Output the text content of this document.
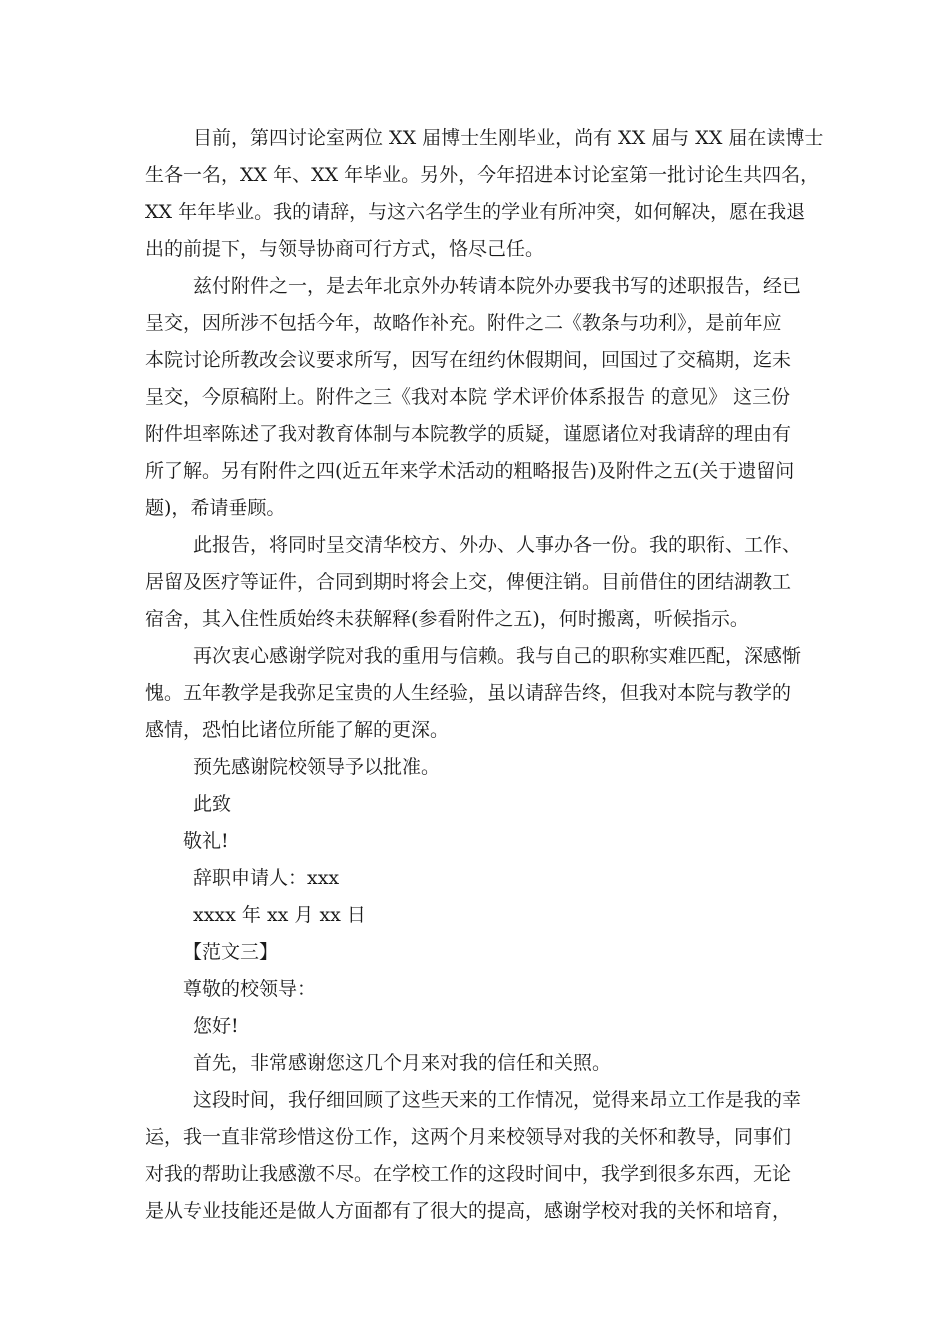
目前，第四讨论室两位 XX 届博士生刚毕业，尚有 XX 届与 XX 届在读博士
生各一名，XX 年、XX 年毕业。另外，今年招进本讨论室第一批讨论生共四名，
XX 年年毕业。我的请辞，与这六名学生的学业有所冲突，如何解决，愿在我退
出的前提下，与领导协商可行方式，恪尽己任。

兹付附件之一，是去年北京外办转请本院外办要我书写的述职报告，经已
呈交，因所涉不包括今年，故略作补充。附件之二《教条与功利》，是前年应
本院讨论所教改会议要求所写，因写在纽约休假期间，回国过了交稿期，迄未
呈交，今原稿附上。附件之三《我对本院 学术评价体系报告 的意见》 这三份
附件坦率陈述了我对教育体制与本院教学的质疑，谨愿诸位对我请辞的理由有
所了解。另有附件之四(近五年来学术活动的粗略报告)及附件之五(关于遗留问
题)，希请垂顾。

此报告，将同时呈交清华校方、外办、人事办各一份。我的职衔、工作、
居留及医疗等证件，合同到期时将会上交，俾便注销。目前借住的团结湖教工
宿舍，其入住性质始终未获解释(参看附件之五)，何时搬离，听候指示。

再次衷心感谢学院对我的重用与信赖。我与自己的职称实难匹配，深感惭
愧。五年教学是我弥足宝贵的人生经验，虽以请辞告终，但我对本院与教学的
感情，恐怕比诸位所能了解的更深。

预先感谢院校领导予以批准。
此致
敬礼!
辞职申请人：xxx
xxxx 年 xx 月 xx 日
【范文三】
尊敬的校领导：
您好!
首先，非常感谢您这几个月来对我的信任和关照。

这段时间，我仔细回顾了这些天来的工作情况，觉得来昂立工作是我的幸
运，我一直非常珍惜这份工作，这两个月来校领导对我的关怀和教导，同事们
对我的帮助让我感激不尽。在学校工作的这段时间中，我学到很多东西，无论
是从专业技能还是做人方面都有了很大的提高，感谢学校对我的关怀和培育，
